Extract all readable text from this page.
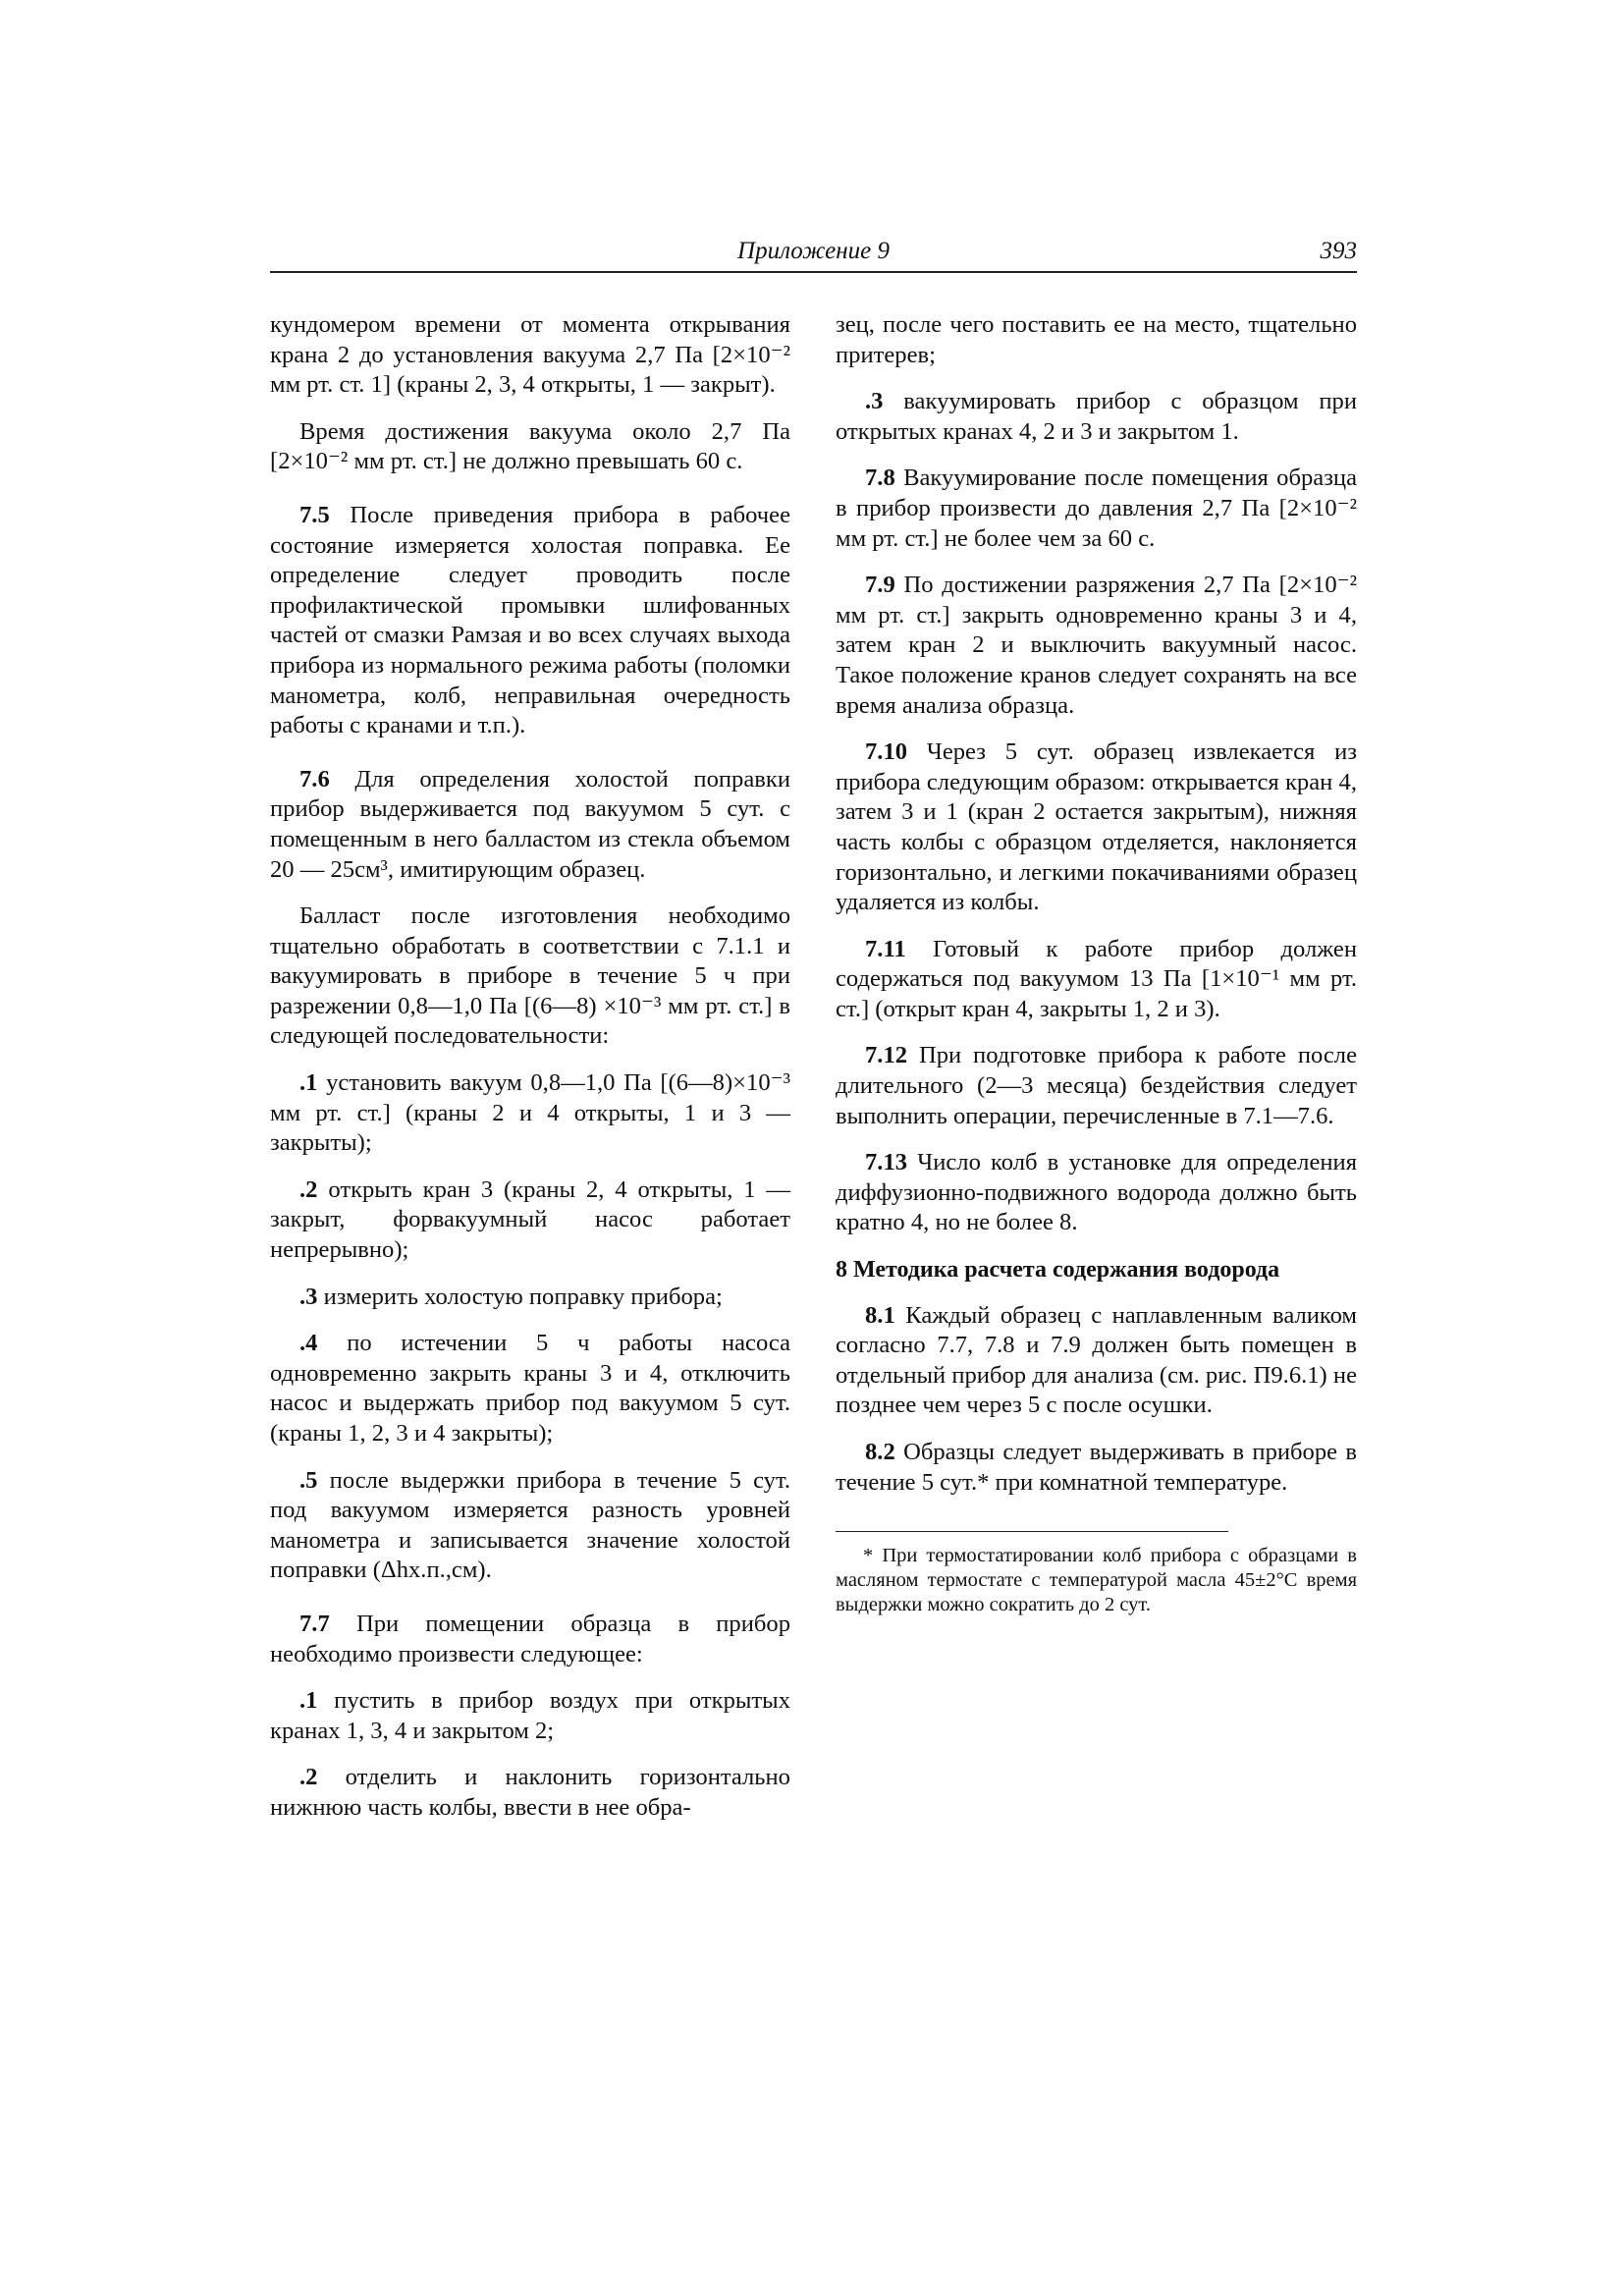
Приложение 9	393

кундомером времени от момента открывания крана 2 до установления вакуума 2,7 Па [2×10⁻² мм рт. ст. 1] (краны 2, 3, 4 открыты, 1 — закрыт).

Время достижения вакуума около 2,7 Па [2×10⁻² мм рт. ст.] не должно превышать 60 с.

7.5 После приведения прибора в рабочее состояние измеряется холостая поправка. Ее определение следует проводить после профилактической промывки шлифованных частей от смазки Рамзая и во всех случаях выхода прибора из нормального режима работы (поломки манометра, колб, неправильная очередность работы с кранами и т.п.).

7.6 Для определения холостой поправки прибор выдерживается под вакуумом 5 сут. с помещенным в него балластом из стекла объемом 20 — 25см³, имитирующим образец.

Балласт после изготовления необходимо тщательно обработать в соответствии с 7.1.1 и вакуумировать в приборе в течение 5 ч при разрежении 0,8—1,0 Па [(6—8) ×10⁻³ мм рт. ст.] в следующей последовательности:

.1 установить вакуум 0,8—1,0 Па [(6—8)×10⁻³ мм рт. ст.] (краны 2 и 4 открыты, 1 и 3 — закрыты);

.2 открыть кран 3 (краны 2, 4 открыты, 1 — закрыт, форвакуумный насос работает непрерывно);

.3 измерить холостую поправку прибора;

.4 по истечении 5 ч работы насоса одновременно закрыть краны 3 и 4, отключить насос и выдержать прибор под вакуумом 5 сут. (краны 1, 2, 3 и 4 закрыты);

.5 после выдержки прибора в течение 5 сут. под вакуумом измеряется разность уровней манометра и записывается значение холостой поправки (Δhх.п.,см).

7.7 При помещении образца в прибор необходимо произвести следующее:

.1 пустить в прибор воздух при открытых кранах 1, 3, 4 и закрытом 2;

.2 отделить и наклонить горизонтально нижнюю часть колбы, ввести в нее обра-

зец, после чего поставить ее на место, тщательно притерев;

.3 вакуумировать прибор с образцом при открытых кранах 4, 2 и 3 и закрытом 1.

7.8 Вакуумирование после помещения образца в прибор произвести до давления 2,7 Па [2×10⁻² мм рт. ст.] не более чем за 60 с.

7.9 По достижении разряжения 2,7 Па [2×10⁻² мм рт. ст.] закрыть одновременно краны 3 и 4, затем кран 2 и выключить вакуумный насос. Такое положение кранов следует сохранять на все время анализа образца.

7.10 Через 5 сут. образец извлекается из прибора следующим образом: открывается кран 4, затем 3 и 1 (кран 2 остается закрытым), нижняя часть колбы с образцом отделяется, наклоняется горизонтально, и легкими покачиваниями образец удаляется из колбы.

7.11 Готовый к работе прибор должен содержаться под вакуумом 13 Па [1×10⁻¹ мм рт. ст.] (открыт кран 4, закрыты 1, 2 и 3).

7.12 При подготовке прибора к работе после длительного (2—3 месяца) бездействия следует выполнить операции, перечисленные в 7.1—7.6.

7.13 Число колб в установке для определения диффузионно-подвижного водорода должно быть кратно 4, но не более 8.

8 Методика расчета содержания водорода

8.1 Каждый образец с наплавленным валиком согласно 7.7, 7.8 и 7.9 должен быть помещен в отдельный прибор для анализа (см. рис. П9.6.1) не позднее чем через 5 с после осушки.

8.2 Образцы следует выдерживать в приборе в течение 5 сут.* при комнатной температуре.

* При термостатировании колб прибора с образцами в масляном термостате с температурой масла 45±2°С время выдержки можно сократить до 2 сут.
